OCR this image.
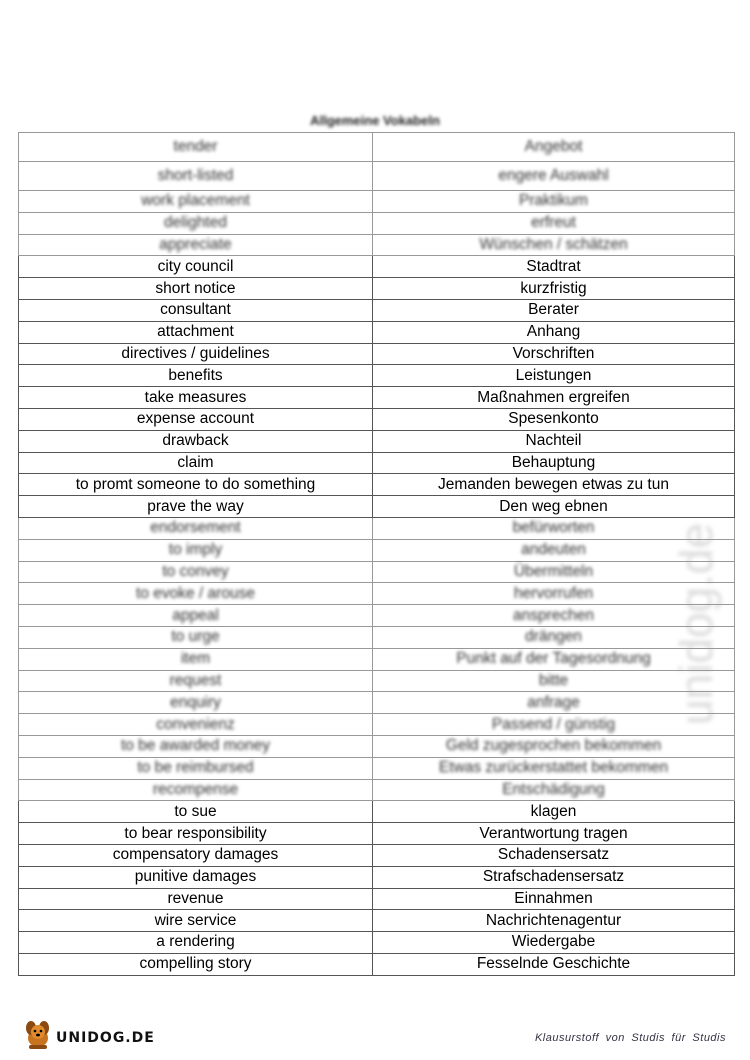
Allgemeine Vokabeln
tender	Angebot
short-listed	engere Auswahl
work placement	Praktikum
delighted	erfreut
appreciate	Wünschen / schätzen
city council	Stadtrat
short notice	kurzfristig
consultant	Berater
attachment	Anhang
directives / guidelines	Vorschriften
benefits	Leistungen
take measures	Maßnahmen ergreifen
expense account	Spesenkonto
drawback	Nachteil
claim	Behauptung
to promt someone to do something	Jemanden bewegen etwas zu tun
prave the way	Den weg ebnen
endorsement	befürworten
to imply	andeuten
to convey	Übermitteln
to evoke / arouse	hervorrufen
appeal	ansprechen
to urge	drängen
item	Punkt auf der Tagesordnung
request	bitte
enquiry	anfrage
convenienz	Passend / günstig
to be awarded money	Geld zugesprochen bekommen
to be reimbursed	Etwas zurückerstattet bekommen
recompense	Entschädigung
to sue	klagen
to bear responsibility	Verantwortung tragen
compensatory damages	Schadensersatz
punitive damages	Strafschadensersatz
revenue	Einnahmen
wire service	Nachrichtenagentur
a rendering	Wiedergabe
compelling story	Fesselnde Geschichte
unidog.de
UNIDOG.DE	Klausurstoff von Studis für Studis
